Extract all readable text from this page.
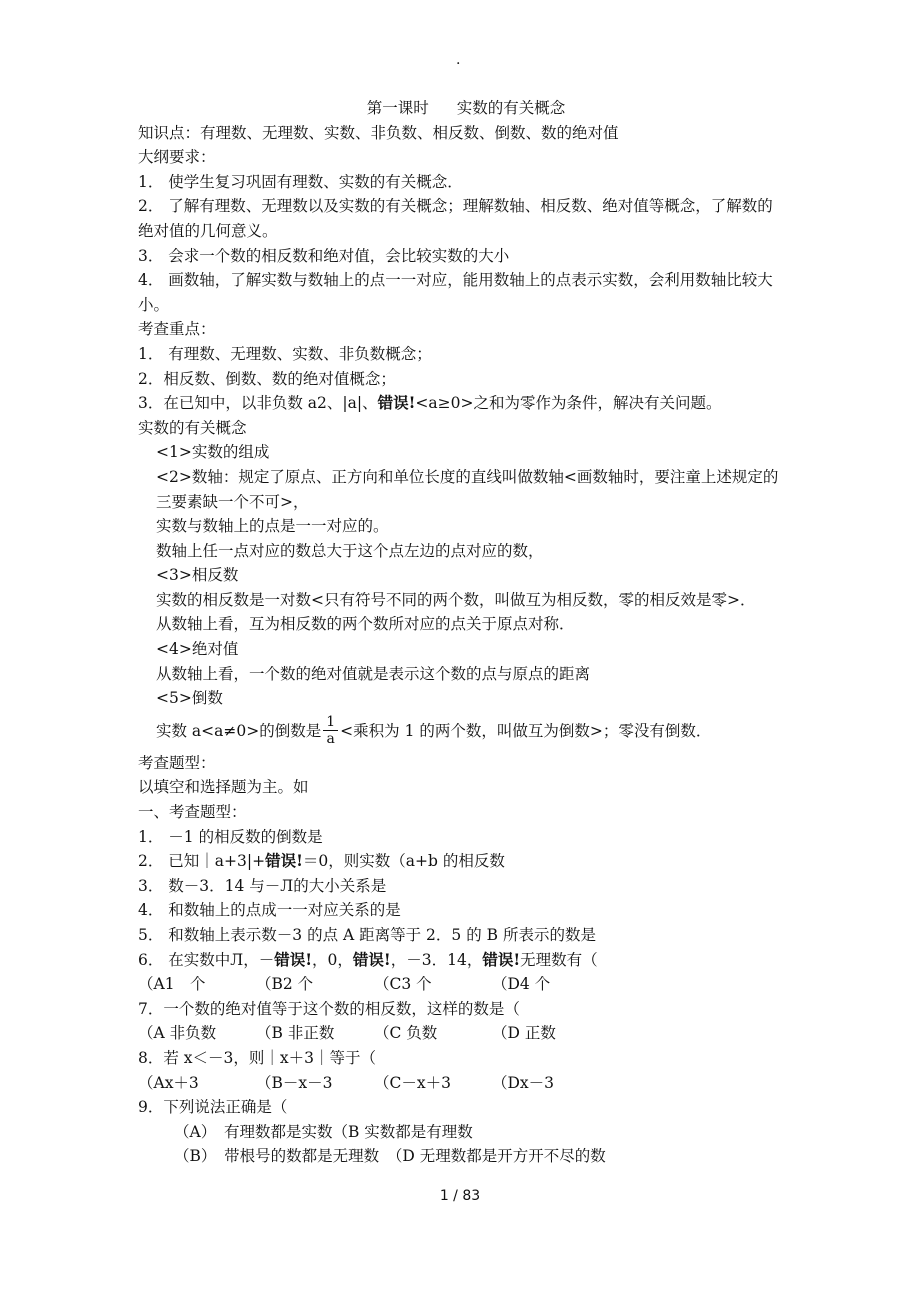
.
第一课时 实数的有关概念
知识点：有理数、无理数、实数、非负数、相反数、倒数、数的绝对值
大纲要求：
1． 使学生复习巩固有理数、实数的有关概念．
2． 了解有理数、无理数以及实数的有关概念；理解数轴、相反数、绝对值等概念，了解数的绝对值的几何意义。
3． 会求一个数的相反数和绝对值，会比较实数的大小
4． 画数轴，了解实数与数轴上的点一一对应，能用数轴上的点表示实数，会利用数轴比较大小。
考查重点：
1． 有理数、无理数、实数、非负数概念；
2．相反数、倒数、数的绝对值概念；
3．在已知中，以非负数 a2、|a|、错误!<a≥0>之和为零作为条件，解决有关问题。
实数的有关概念
<1>实数的组成
<2>数轴：规定了原点、正方向和单位长度的直线叫做数轴<画数轴时，要注童上述规定的三要素缺一个不可>，
实数与数轴上的点是一一对应的。
数轴上任一点对应的数总大于这个点左边的点对应的数，
<3>相反数
实数的相反数是一对数<只有符号不同的两个数，叫做互为相反数，零的相反效是零>．
从数轴上看，互为相反数的两个数所对应的点关于原点对称．
<4>绝对值
从数轴上看，一个数的绝对值就是表示这个数的点与原点的距离
<5>倒数
实数 a<a≠0>的倒数是 $\frac{1}{a}$ <乘积为 1 的两个数，叫做互为倒数>；零没有倒数．
考查题型：
以填空和选择题为主。如
一、考查题型：
1． －1 的相反数的倒数是
2． 已知｜a+3|+错误!＝0，则实数（a+b 的相反数
3． 数－3．14 与－Л的大小关系是
4． 和数轴上的点成一一对应关系的是
5． 和数轴上表示数－3 的点 A 距离等于 2．5 的 B 所表示的数是
6． 在实数中Л，－错误!，0，错误!，－3．14，错误!无理数有（
（A1　个	（B2 个	（C3 个	（D4 个
7．一个数的绝对值等于这个数的相反数，这样的数是（
（A 非负数	（B 非正数	（C 负数	（D 正数
8．若 x＜－3，则｜x＋3｜等于（
（Ax＋3	（B－x－3	（C－x＋3	（Dx－3
9．下列说法正确是（
（A）　有理数都是实数（B 实数都是有理数
（B）　带根号的数都是无理数　（D 无理数都是开方开不尽的数
1 / 83
